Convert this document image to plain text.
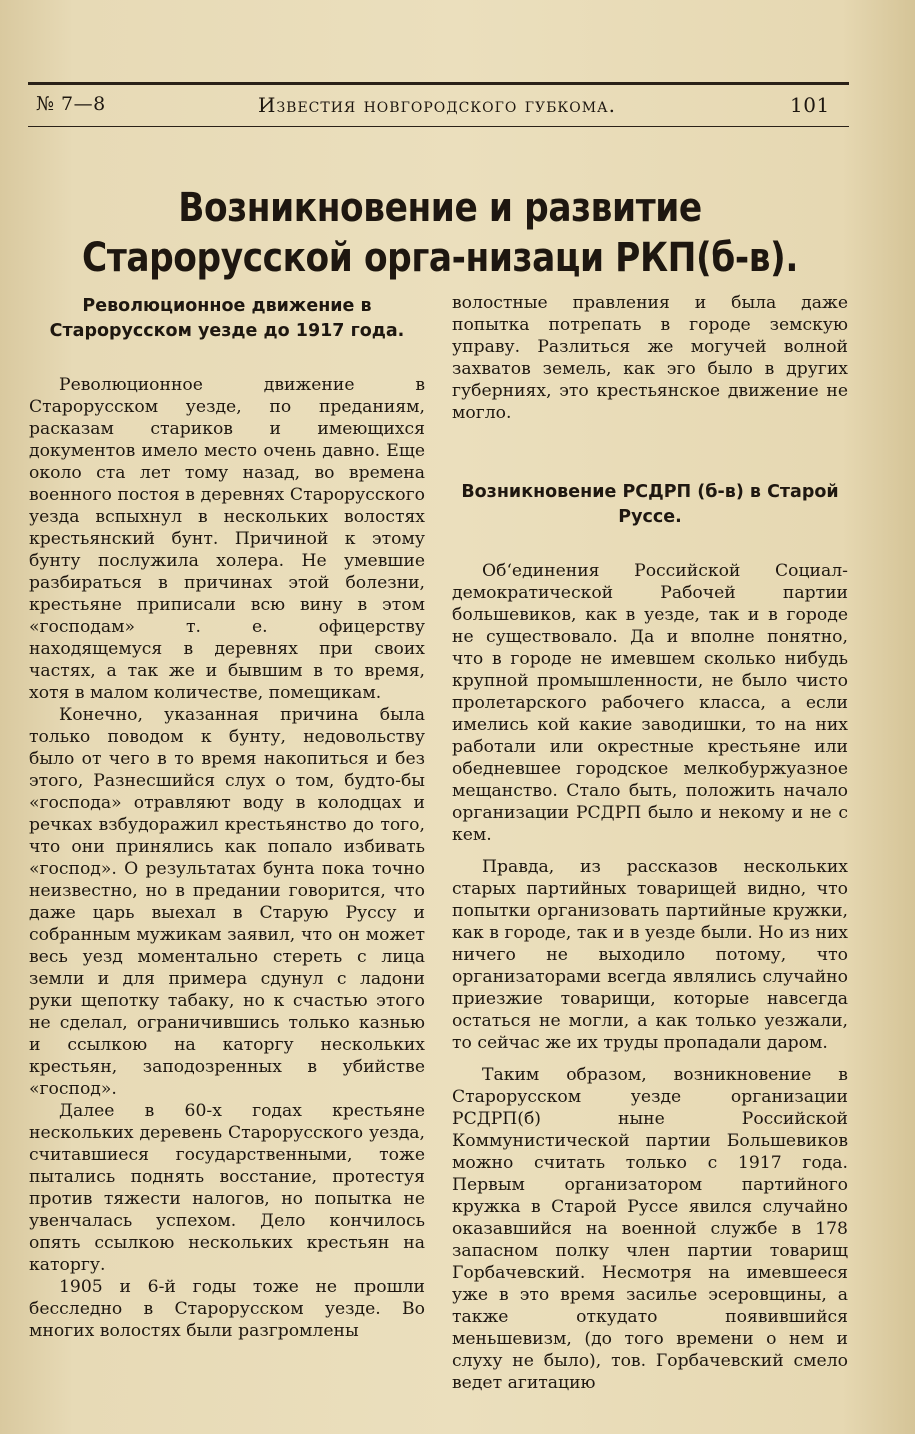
№ 7—8	Известия новгородского губкома.	101
Возникновение и развитие Старорусской орга-низаци РКП(б-в).
Революционное движение в Старорусском уезде до 1917 года.

Революционное движение в Старорусском уезде, по преданиям, расказам стариков и имеющихся документов имело место очень давно. Еще около ста лет тому назад, во времена военного постоя в деревнях Старорусского уезда вспыхнул в нескольких волостях крестьянский бунт. Причиной к этому бунту послужила холера. Не умевшие разбираться в причинах этой болезни, крестьяне приписали всю вину в этом «господам» т. е. офицерству находящемуся в деревнях при своих частях, а так же и бывшим в то время, хотя в малом количестве, помещикам.

Конечно, указанная причина была только поводом к бунту, недовольству было от чего в то время накопиться и без этого, Разнесшийся слух о том, будто-бы «господа» отравляют воду в колодцах и речках взбудоражил крестьянство до того, что они принялись как попало избивать «господ». О результатах бунта пока точно неизвестно, но в предании говорится, что даже царь выехал в Старую Руссу и собранным мужикам заявил, что он может весь уезд моментально стереть с лица земли и для примера сдунул с ладони руки щепотку табаку, но к счастью этого не сделал, ограничившись только казнью и ссылкою на каторгу нескольких крестьян, заподозренных в убийстве «господ».

Далее в 60-х годах крестьяне нескольких деревень Старорусского уезда, считавшиеся государственными, тоже пытались поднять восстание, протестуя против тяжести налогов, но попытка не увенчалась успехом. Дело кончилось опять ссылкою нескольких крестьян на каторгу.

1905 и 6-й годы тоже не прошли бесследно в Старорусском уезде. Во многих волостях были разгромлены

волостные правления и была даже попытка потрепать в городе земскую управу. Разлиться же могучей волной захватов земель, как эго было в других губерниях, это крестьянское движение не могло.

Возникновение РСДРП (б-в) в Старой Руссе.

Об‘единения Российской Социал-демократической Рабочей партии большевиков, как в уезде, так и в городе не существовало. Да и вполне понятно, что в городе не имевшем сколько нибудь крупной промышленности, не было чисто пролетарского рабочего класса, а если имелись кой какие заводишки, то на них работали или окрестные крестьяне или обедневшее городское мелкобуржуазное мещанство. Стало быть, положить начало организации РСДРП было и некому и не с кем.

Правда, из рассказов нескольких старых партийных товарищей видно, что попытки организовать партийные кружки, как в городе, так и в уезде были. Но из них ничего не выходило потому, что организаторами всегда являлись случайно приезжие товарищи, которые навсегда остаться не могли, а как только уезжали, то сейчас же их труды пропадали даром.

Таким образом, возникновение в Старорусском уезде организации РСДРП(б) ныне Российской Коммунистической партии Большевиков можно считать только с 1917 года. Первым организатором партийного кружка в Старой Руссе явился случайно оказавшийся на военной службе в 178 запасном полку член партии товарищ Горбачевский. Несмотря на имевшееся уже в это время засилье эсеровщины, а также откудато появившийся меньшевизм, (до того времени о нем и слуху не было), тов. Горбачевский смело ведет агитацию
